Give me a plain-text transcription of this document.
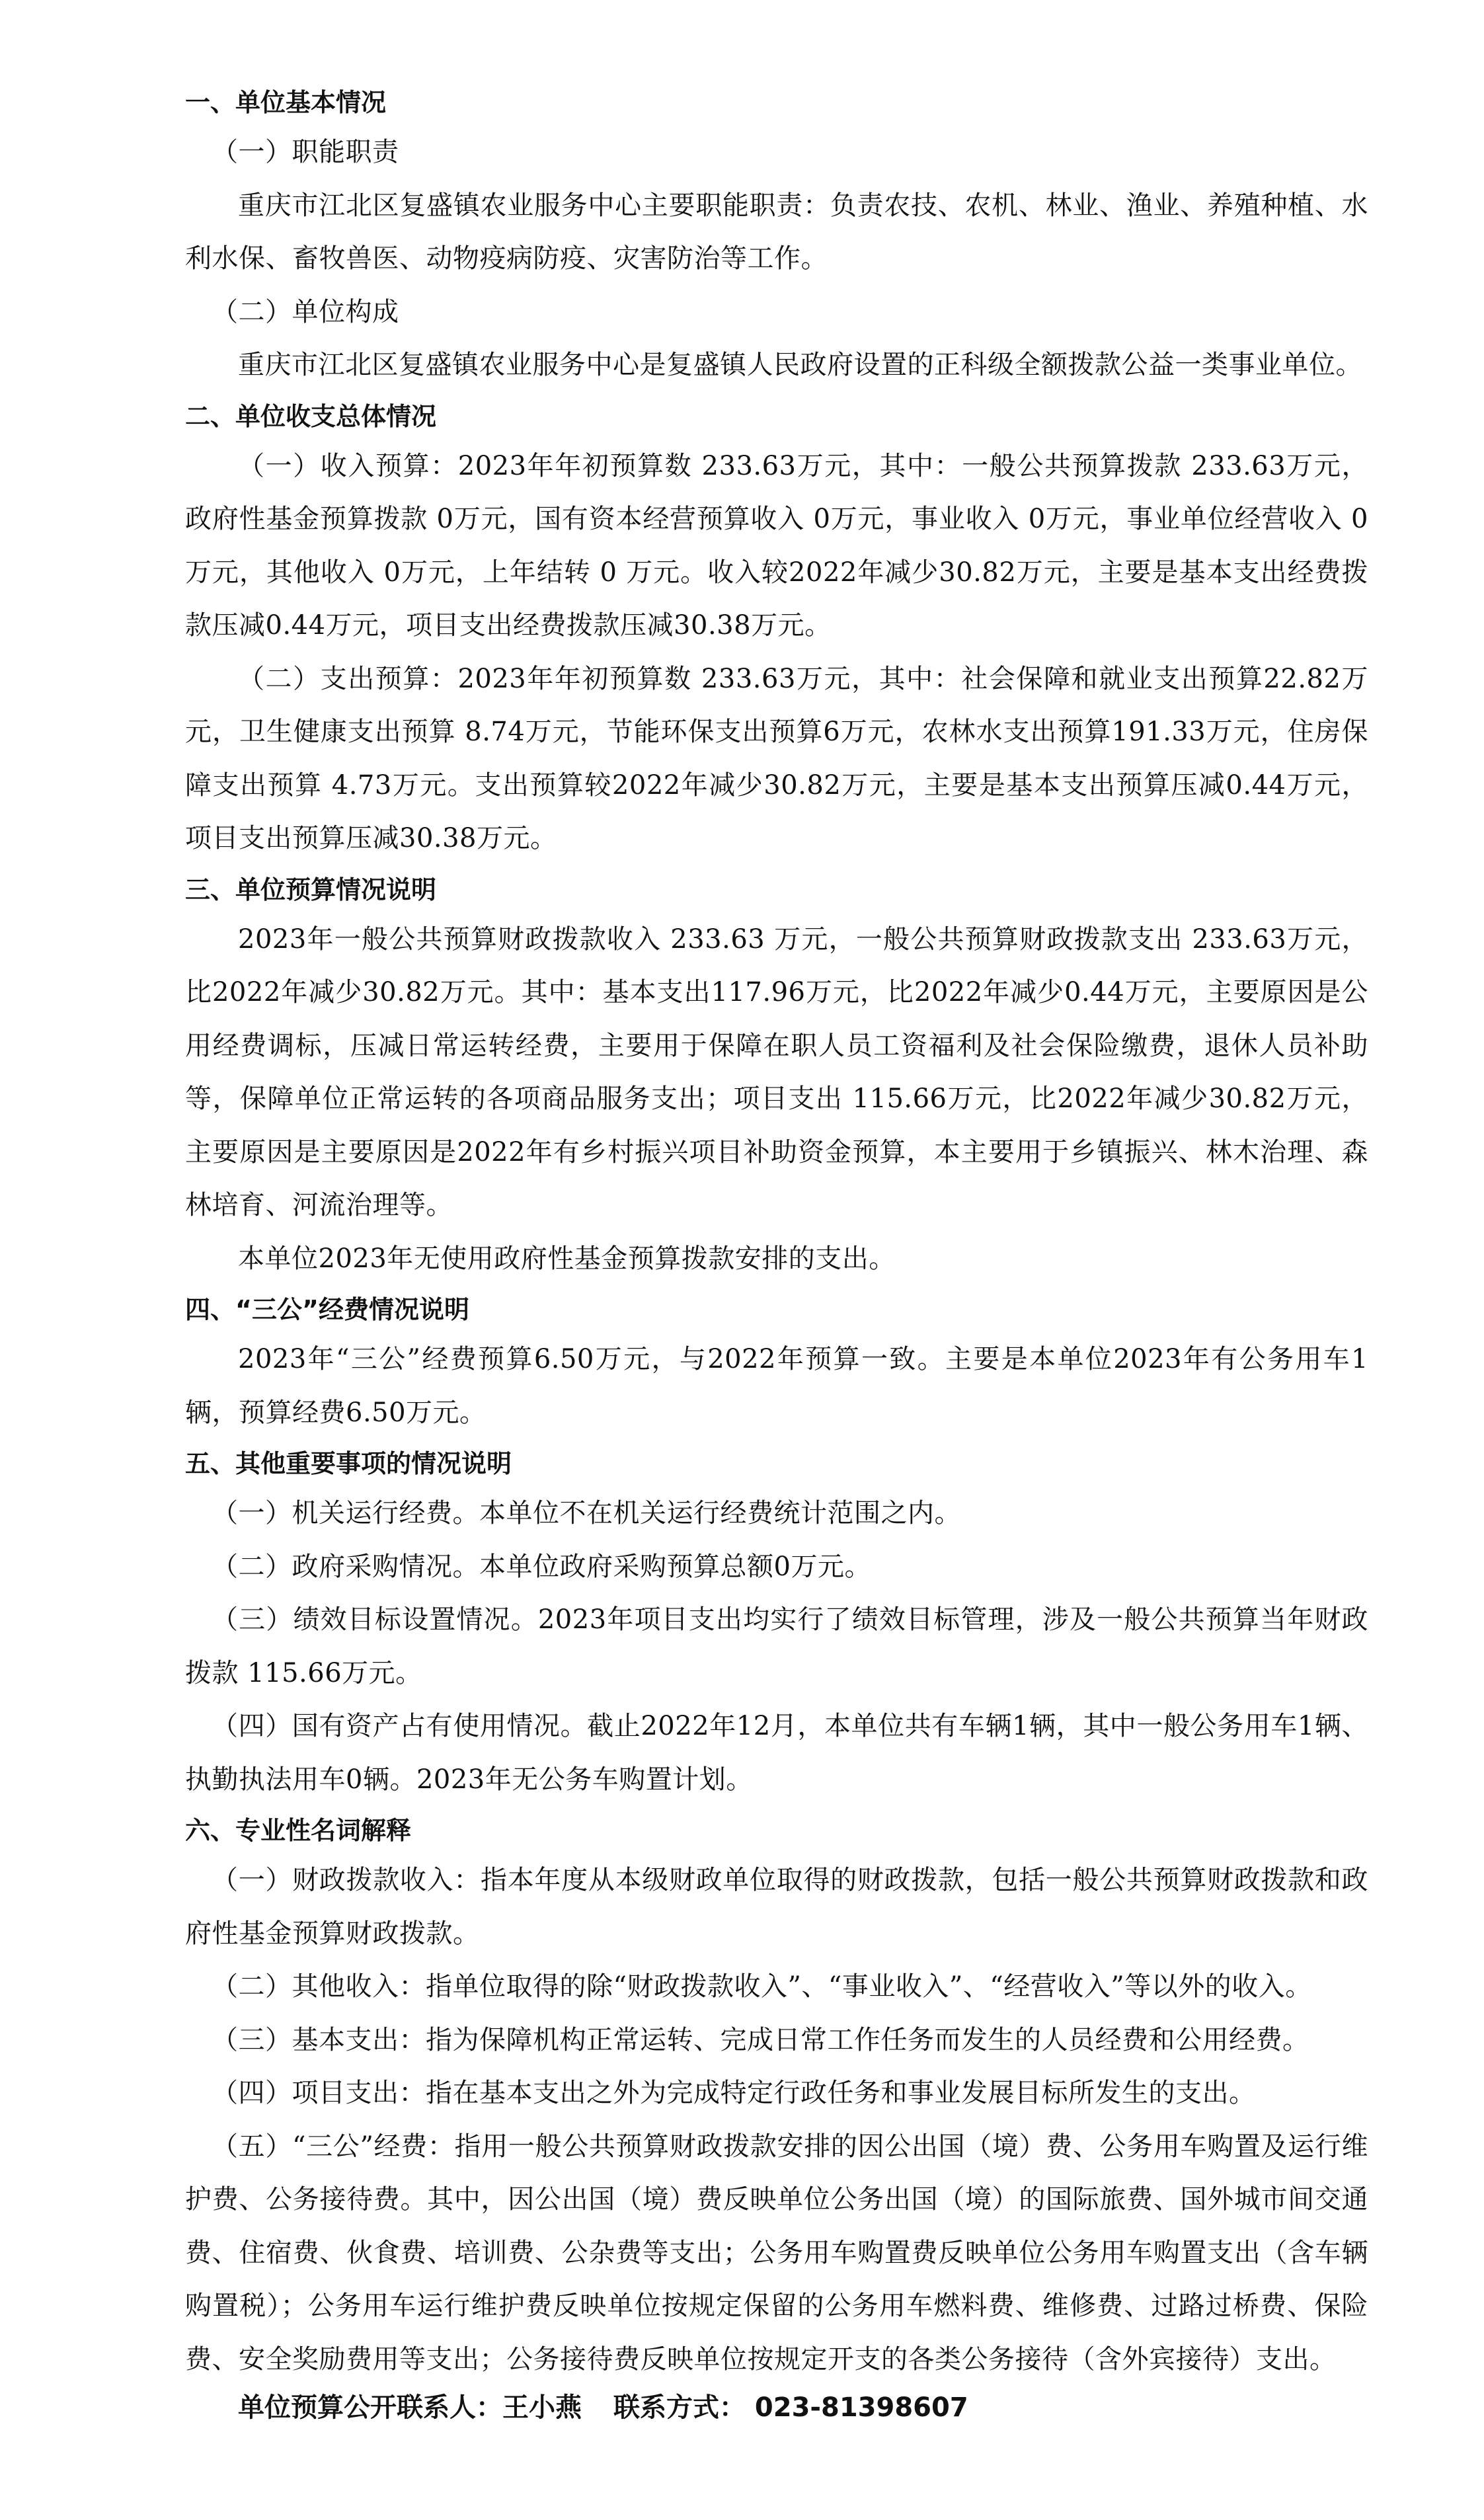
一、单位基本情况

（一）职能职责

重庆市江北区复盛镇农业服务中心主要职能职责：负责农技、农机、林业、渔业、养殖种植、水利水保、畜牧兽医、动物疫病防疫、灾害防治等工作。

（二）单位构成

重庆市江北区复盛镇农业服务中心是复盛镇人民政府设置的正科级全额拨款公益一类事业单位。

二、单位收支总体情况

（一）收入预算：2023年年初预算数 233.63万元，其中：一般公共预算拨款 233.63万元，政府性基金预算拨款 0万元，国有资本经营预算收入 0万元，事业收入 0万元，事业单位经营收入 0万元，其他收入 0万元，上年结转 0 万元。收入较2022年减少30.82万元，主要是基本支出经费拨款压减0.44万元，项目支出经费拨款压减30.38万元。

（二）支出预算：2023年年初预算数 233.63万元，其中：社会保障和就业支出预算22.82万元，卫生健康支出预算 8.74万元，节能环保支出预算6万元，农林水支出预算191.33万元，住房保障支出预算 4.73万元。支出预算较2022年减少30.82万元，主要是基本支出预算压减0.44万元，项目支出预算压减30.38万元。

三、单位预算情况说明

2023年一般公共预算财政拨款收入 233.63 万元，一般公共预算财政拨款支出 233.63万元，比2022年减少30.82万元。其中：基本支出117.96万元，比2022年减少0.44万元，主要原因是公用经费调标，压减日常运转经费，主要用于保障在职人员工资福利及社会保险缴费，退休人员补助等，保障单位正常运转的各项商品服务支出；项目支出 115.66万元，比2022年减少30.82万元，主要原因是主要原因是2022年有乡村振兴项目补助资金预算，本主要用于乡镇振兴、林木治理、森林培育、河流治理等。

本单位2023年无使用政府性基金预算拨款安排的支出。

四、“三公”经费情况说明

2023年“三公”经费预算6.50万元，与2022年预算一致。主要是本单位2023年有公务用车1辆，预算经费6.50万元。

五、其他重要事项的情况说明

（一）机关运行经费。本单位不在机关运行经费统计范围之内。

（二）政府采购情况。本单位政府采购预算总额0万元。

（三）绩效目标设置情况。2023年项目支出均实行了绩效目标管理，涉及一般公共预算当年财政拨款 115.66万元。

（四）国有资产占有使用情况。截止2022年12月，本单位共有车辆1辆，其中一般公务用车1辆、执勤执法用车0辆。2023年无公务车购置计划。

六、专业性名词解释

（一）财政拨款收入：指本年度从本级财政单位取得的财政拨款，包括一般公共预算财政拨款和政府性基金预算财政拨款。

（二）其他收入：指单位取得的除“财政拨款收入”、“事业收入”、“经营收入”等以外的收入。

（三）基本支出：指为保障机构正常运转、完成日常工作任务而发生的人员经费和公用经费。

（四）项目支出：指在基本支出之外为完成特定行政任务和事业发展目标所发生的支出。

（五）“三公”经费：指用一般公共预算财政拨款安排的因公出国（境）费、公务用车购置及运行维护费、公务接待费。其中，因公出国（境）费反映单位公务出国（境）的国际旅费、国外城市间交通费、住宿费、伙食费、培训费、公杂费等支出；公务用车购置费反映单位公务用车购置支出（含车辆购置税）；公务用车运行维护费反映单位按规定保留的公务用车燃料费、维修费、过路过桥费、保险费、安全奖励费用等支出；公务接待费反映单位按规定开支的各类公务接待（含外宾接待）支出。

单位预算公开联系人：王小燕 联系方式： 023-81398607
